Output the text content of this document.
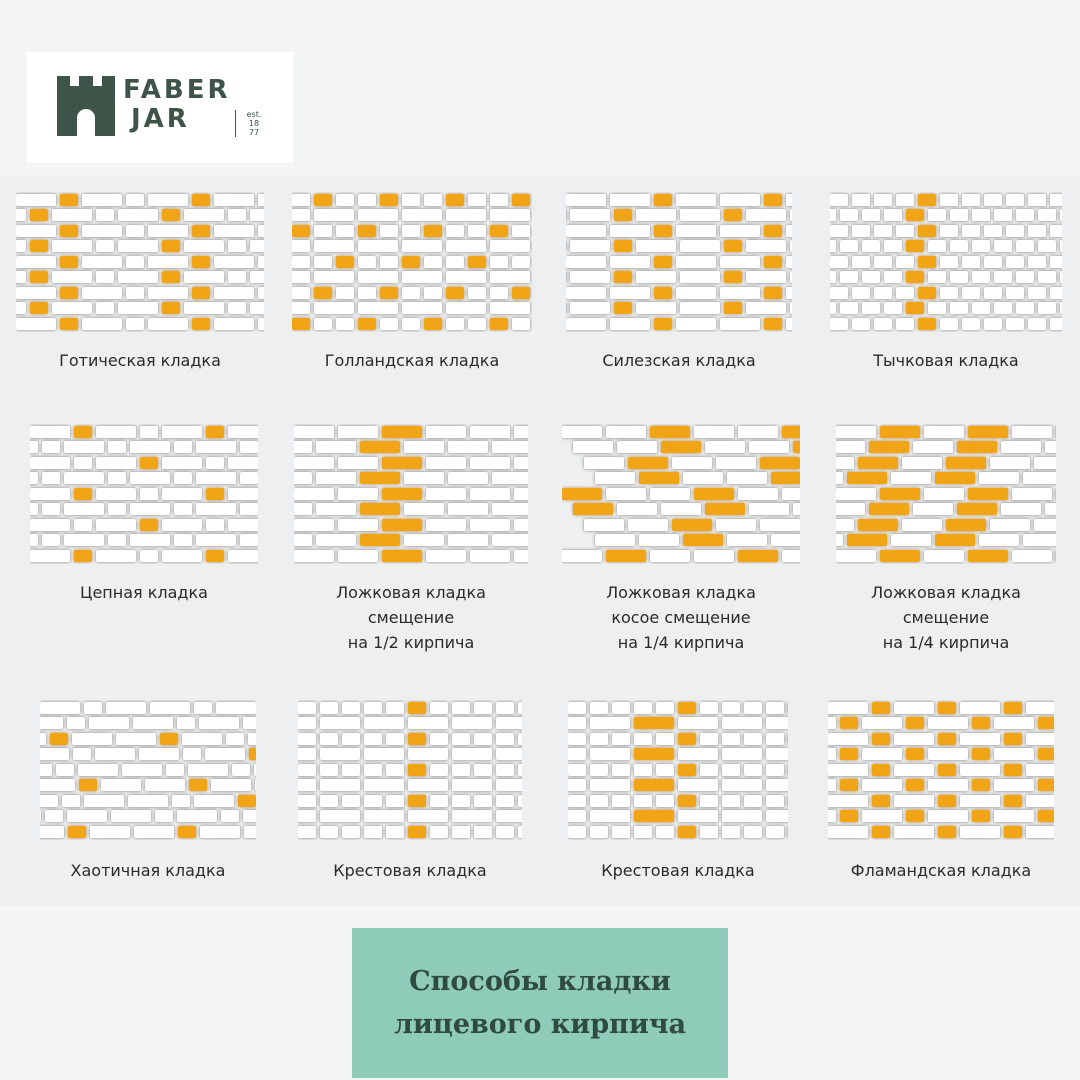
FABER
JAR	est.
18
77
Готическая кладка	Голландская кладка	Силезская кладка	Тычковая кладка
Цепная кладка	Ложковая кладка
смещение
на 1/2 кирпича
Ложковая кладка
косое смещение
на 1/4 кирпича
Ложковая кладка
смещение
на 1/4 кирпича
Хаотичная кладка	Крестовая кладка	Крестовая кладка	Фламандская кладка
Способы кладки
лицевого кирпича
